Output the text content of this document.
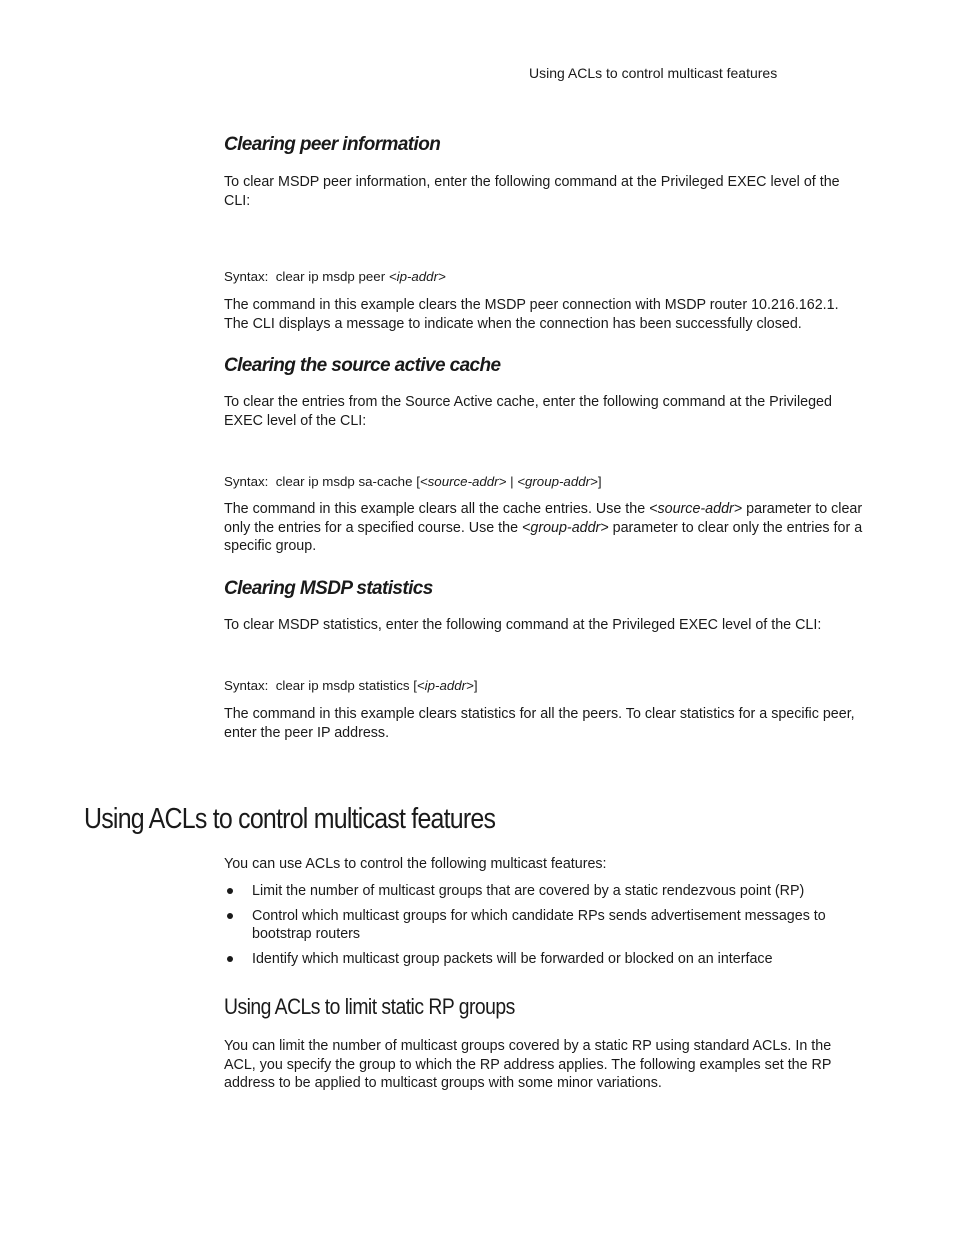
Using ACLs to control multicast features
Clearing peer information

To clear MSDP peer information, enter the following command at the Privileged EXEC level of the CLI:

Syntax: clear ip msdp peer <ip-addr>

The command in this example clears the MSDP peer connection with MSDP router 10.216.162.1. The CLI displays a message to indicate when the connection has been successfully closed.

Clearing the source active cache

To clear the entries from the Source Active cache, enter the following command at the Privileged EXEC level of the CLI:

Syntax: clear ip msdp sa-cache [<source-addr> | <group-addr>]

The command in this example clears all the cache entries. Use the <source-addr> parameter to clear only the entries for a specified course. Use the <group-addr> parameter to clear only the entries for a specific group.

Clearing MSDP statistics

To clear MSDP statistics, enter the following command at the Privileged EXEC level of the CLI:

Syntax: clear ip msdp statistics [<ip-addr>]

The command in this example clears statistics for all the peers. To clear statistics for a specific peer, enter the peer IP address.

Using ACLs to control multicast features

You can use ACLs to control the following multicast features:

Limit the number of multicast groups that are covered by a static rendezvous point (RP)
Control which multicast groups for which candidate RPs sends advertisement messages to bootstrap routers
Identify which multicast group packets will be forwarded or blocked on an interface
Using ACLs to limit static RP groups

You can limit the number of multicast groups covered by a static RP using standard ACLs. In the ACL, you specify the group to which the RP address applies. The following examples set the RP address to be applied to multicast groups with some minor variations.
